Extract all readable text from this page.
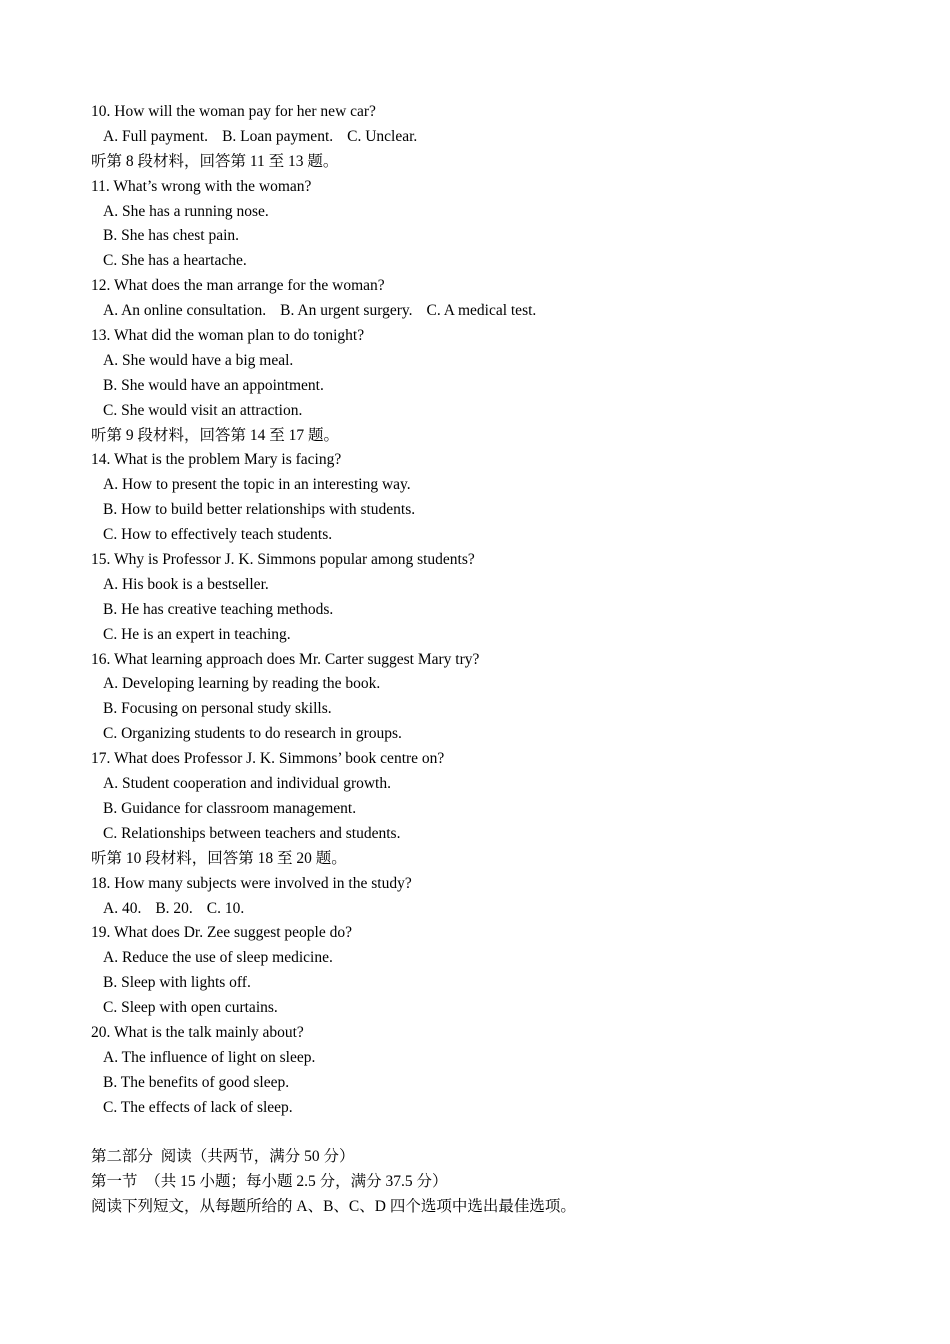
10. How will the woman pay for her new car?
A. Full payment. B. Loan payment. C. Unclear.
听第 8 段材料，回答第 11 至 13 题。
11. What’s wrong with the woman?
A. She has a running nose.
B. She has chest pain.
C. She has a heartache.
12. What does the man arrange for the woman?
A. An online consultation. B. An urgent surgery. C. A medical test.
13. What did the woman plan to do tonight?
A. She would have a big meal.
B. She would have an appointment.
C. She would visit an attraction.
听第 9 段材料，回答第 14 至 17 题。
14. What is the problem Mary is facing?
A. How to present the topic in an interesting way.
B. How to build better relationships with students.
C. How to effectively teach students.
15. Why is Professor J. K. Simmons popular among students?
A. His book is a bestseller.
B. He has creative teaching methods.
C. He is an expert in teaching.
16. What learning approach does Mr. Carter suggest Mary try?
A. Developing learning by reading the book.
B. Focusing on personal study skills.
C. Organizing students to do research in groups.
17. What does Professor J. K. Simmons’ book centre on?
A. Student cooperation and individual growth.
B. Guidance for classroom management.
C. Relationships between teachers and students.
听第 10 段材料，回答第 18 至 20 题。
18. How many subjects were involved in the study?
A. 40. B. 20. C. 10.
19. What does Dr. Zee suggest people do?
A. Reduce the use of sleep medicine.
B. Sleep with lights off.
C. Sleep with open curtains.
20. What is the talk mainly about?
A. The influence of light on sleep.
B. The benefits of good sleep.
C. The effects of lack of sleep.
第二部分  阅读（共两节，满分 50 分）
第一节  （共 15 小题；每小题 2.5 分，满分 37.5 分）
阅读下列短文，从每题所给的 A、B、C、D 四个选项中选出最佳选项。
